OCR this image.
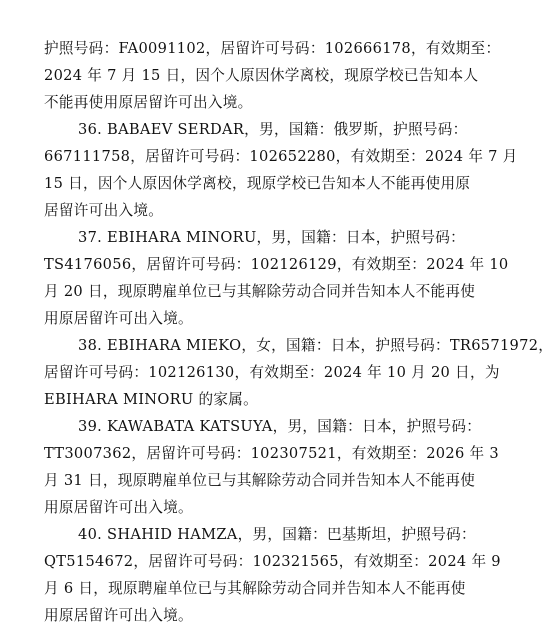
护照号码：FA0091102，居留许可号码：102666178，有效期至：
2024 年 7 月 15 日，因个人原因休学离校，现原学校已告知本人
不能再使用原居留许可出入境。
36. BABAEV SERDAR，男，国籍：俄罗斯，护照号码：
667111758，居留许可号码：102652280，有效期至：2024 年 7 月
15 日，因个人原因休学离校，现原学校已告知本人不能再使用原
居留许可出入境。
37. EBIHARA MINORU，男，国籍：日本，护照号码：
TS4176056，居留许可号码：102126129，有效期至：2024 年 10
月 20 日，现原聘雇单位已与其解除劳动合同并告知本人不能再使
用原居留许可出入境。
38. EBIHARA MIEKO，女，国籍：日本，护照号码：TR6571972，
居留许可号码：102126130，有效期至：2024 年 10 月 20 日，为
EBIHARA MINORU 的家属。
39. KAWABATA KATSUYA，男，国籍：日本，护照号码：
TT3007362，居留许可号码：102307521，有效期至：2026 年 3
月 31 日，现原聘雇单位已与其解除劳动合同并告知本人不能再使
用原居留许可出入境。
40. SHAHID HAMZA，男，国籍：巴基斯坦，护照号码：
QT5154672，居留许可号码：102321565，有效期至：2024 年 9
月 6 日，现原聘雇单位已与其解除劳动合同并告知本人不能再使
用原居留许可出入境。
